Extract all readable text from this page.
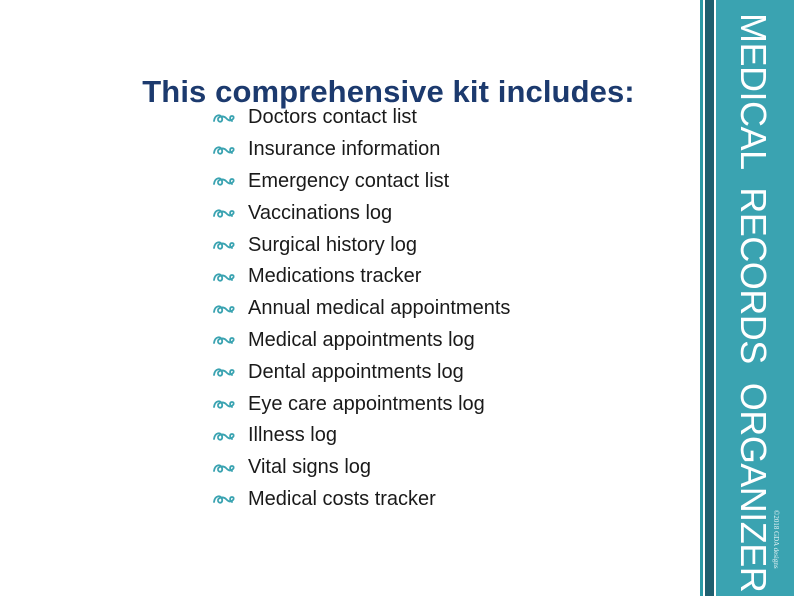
This comprehensive kit includes:
Doctors contact list
Insurance information
Emergency contact list
Vaccinations log
Surgical history log
Medications tracker
Annual medical appointments
Medical appointments log
Dental appointments log
Eye care appointments log
Illness log
Vital signs log
Medical costs tracker	MEDICAL  RECORDS  ORGANIZER
©2018 GDA designs
